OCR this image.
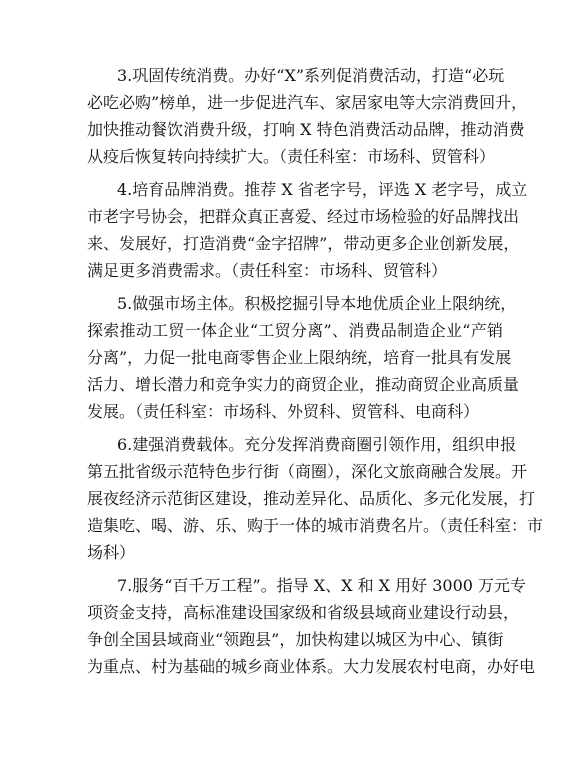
3.巩固传统消费。办好“X”系列促消费活动，打造“必玩
必吃必购”榜单，进一步促进汽车、家居家电等大宗消费回升，
加快推动餐饮消费升级，打响 X 特色消费活动品牌，推动消费
从疫后恢复转向持续扩大。（责任科室：市场科、贸管科）
4.培育品牌消费。推荐 X 省老字号，评选 X 老字号，成立
市老字号协会，把群众真正喜爱、经过市场检验的好品牌找出
来、发展好，打造消费“金字招牌”，带动更多企业创新发展，
满足更多消费需求。（责任科室：市场科、贸管科）
5.做强市场主体。积极挖掘引导本地优质企业上限纳统，
探索推动工贸一体企业“工贸分离”、消费品制造企业“产销
分离”，力促一批电商零售企业上限纳统，培育一批具有发展
活力、增长潜力和竞争实力的商贸企业，推动商贸企业高质量
发展。（责任科室：市场科、外贸科、贸管科、电商科）
6.建强消费载体。充分发挥消费商圈引领作用，组织申报
第五批省级示范特色步行街（商圈），深化文旅商融合发展。开
展夜经济示范街区建设，推动差异化、品质化、多元化发展，打
造集吃、喝、游、乐、购于一体的城市消费名片。（责任科室：市
场科）
7.服务“百千万工程”。指导 X、X 和 X 用好 3000 万元专
项资金支持，高标准建设国家级和省级县域商业建设行动县，
争创全国县域商业“领跑县”，加快构建以城区为中心、镇街
为重点、村为基础的城乡商业体系。大力发展农村电商，办好电
